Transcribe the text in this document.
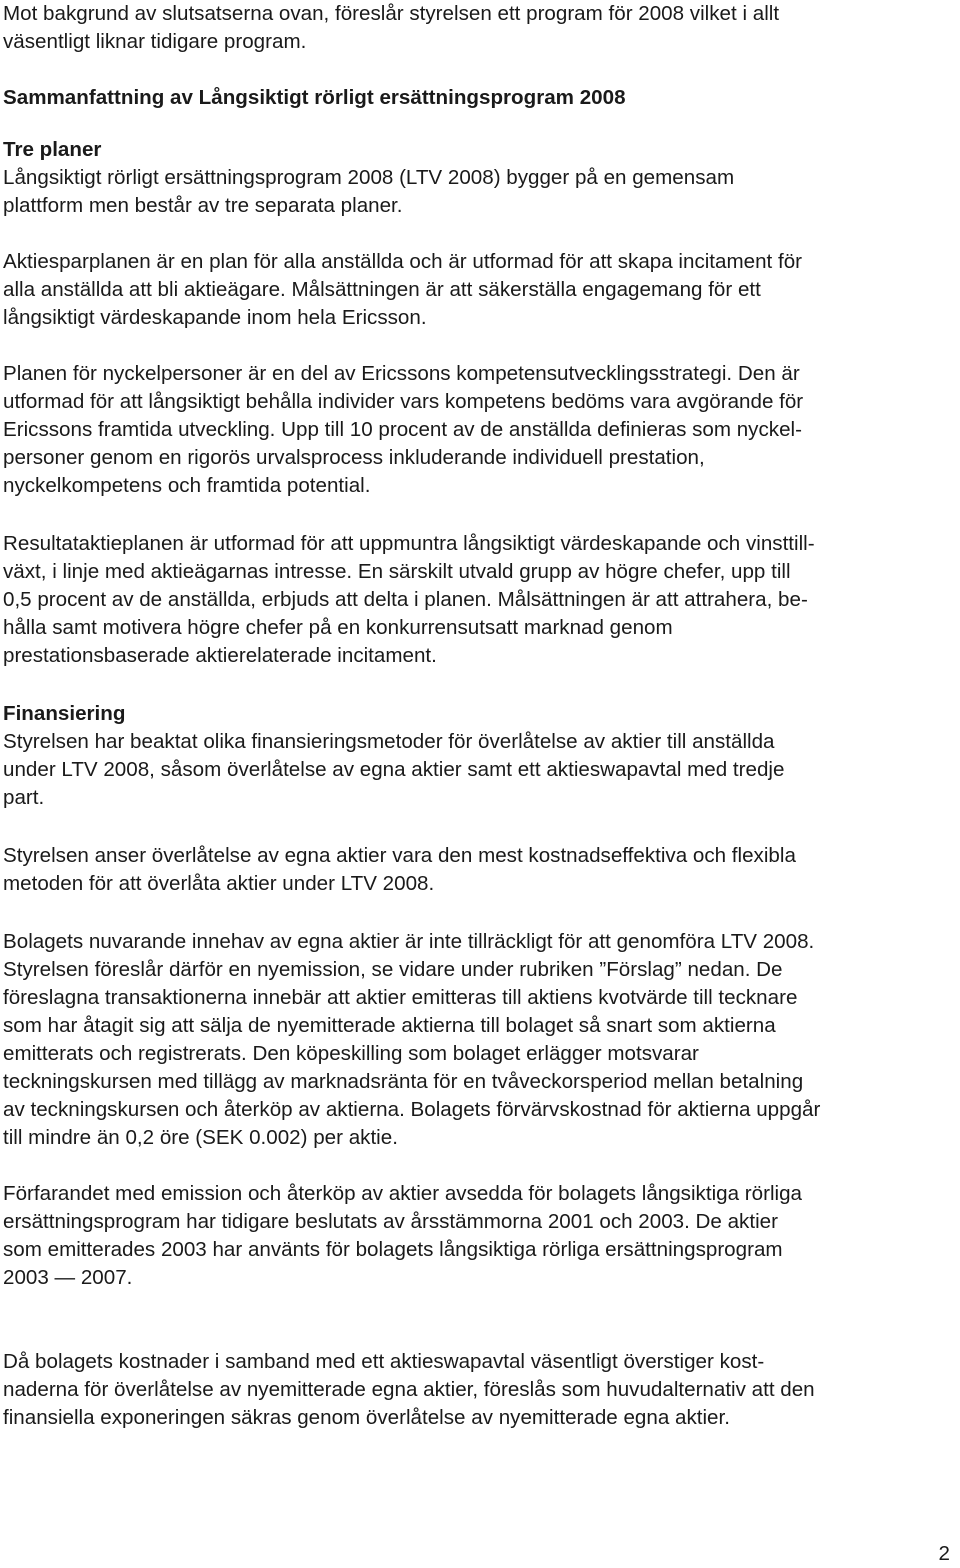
Mot bakgrund av slutsatserna ovan, föreslår styrelsen ett program för 2008 vilket i allt
väsentligt liknar tidigare program.

Sammanfattning av Långsiktigt rörligt ersättningsprogram 2008

Tre planer

Långsiktigt rörligt ersättningsprogram 2008 (LTV 2008) bygger på en gemensam
plattform men består av tre separata planer.

Aktiesparplanen är en plan för alla anställda och är utformad för att skapa incitament för
alla anställda att bli aktieägare. Målsättningen är att säkerställa engagemang för ett
långsiktigt värdeskapande inom hela Ericsson.

Planen för nyckelpersoner är en del av Ericssons kompetensutvecklingsstrategi. Den är
utformad för att långsiktigt behålla individer vars kompetens bedöms vara avgörande för
Ericssons framtida utveckling. Upp till 10 procent av de anställda definieras som nyckel-
personer genom en rigorös urvalsprocess inkluderande individuell prestation,
nyckelkompetens och framtida potential.

Resultataktieplanen är utformad för att uppmuntra långsiktigt värdeskapande och vinsttill-
växt, i linje med aktieägarnas intresse. En särskilt utvald grupp av högre chefer, upp till
0,5 procent av de anställda, erbjuds att delta i planen. Målsättningen är att attrahera, be-
hålla samt motivera högre chefer på en konkurrensutsatt marknad genom
prestationsbaserade aktierelaterade incitament.

Finansiering

Styrelsen har beaktat olika finansieringsmetoder för överlåtelse av aktier till anställda
under LTV 2008, såsom överlåtelse av egna aktier samt ett aktieswapavtal med tredje
part.

Styrelsen anser överlåtelse av egna aktier vara den mest kostnadseffektiva och flexibla
metoden för att överlåta aktier under LTV 2008.

Bolagets nuvarande innehav av egna aktier är inte tillräckligt för att genomföra LTV 2008.
Styrelsen föreslår därför en nyemission, se vidare under rubriken ”Förslag” nedan. De
föreslagna transaktionerna innebär att aktier emitteras till aktiens kvotvärde till tecknare
som har åtagit sig att sälja de nyemitterade aktierna till bolaget så snart som aktierna
emitterats och registrerats. Den köpeskilling som bolaget erlägger motsvarar
teckningskursen med tillägg av marknadsränta för en tvåveckorsperiod mellan betalning
av teckningskursen och återköp av aktierna. Bolagets förvärvskostnad för aktierna uppgår
till mindre än 0,2 öre (SEK 0.002) per aktie.

Förfarandet med emission och återköp av aktier avsedda för bolagets långsiktiga rörliga
ersättningsprogram har tidigare beslutats av årsstämmorna 2001 och 2003. De aktier
som emitterades 2003 har använts för bolagets långsiktiga rörliga ersättningsprogram
2003 — 2007.

Då bolagets kostnader i samband med ett aktieswapavtal väsentligt överstiger kost-
naderna för överlåtelse av nyemitterade egna aktier, föreslås som huvudalternativ att den
finansiella exponeringen säkras genom överlåtelse av nyemitterade egna aktier.

2
